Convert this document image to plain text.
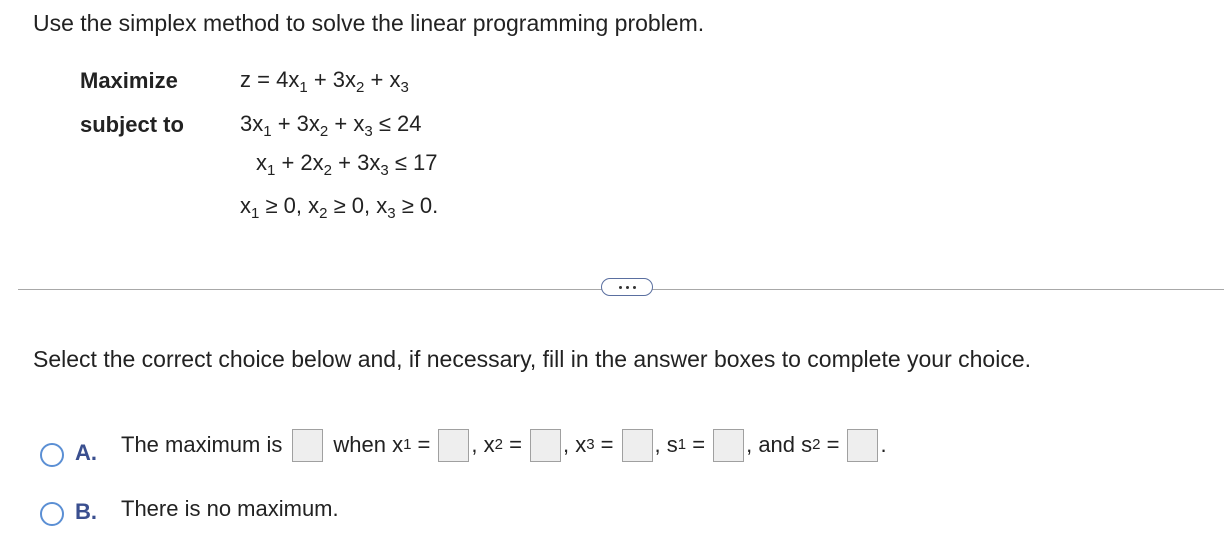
Use the simplex method to solve the linear programming problem.
Maximize
subject to
$z = 4x_1 + 3x_2 + x_3$
$3x_1 + 3x_2 + x_3 \le 24$
$x_1 + 2x_2 + 3x_3 \le 17$
$x_1 \ge 0$, $x_2 \ge 0$, $x_3 \ge 0$.
Select the correct choice below and, if necessary, fill in the answer boxes to complete your choice.
A. The maximum is when x 1
= , x 2
= , x 3
= , s 1
= , and s 2
= .
B. There is no maximum.
